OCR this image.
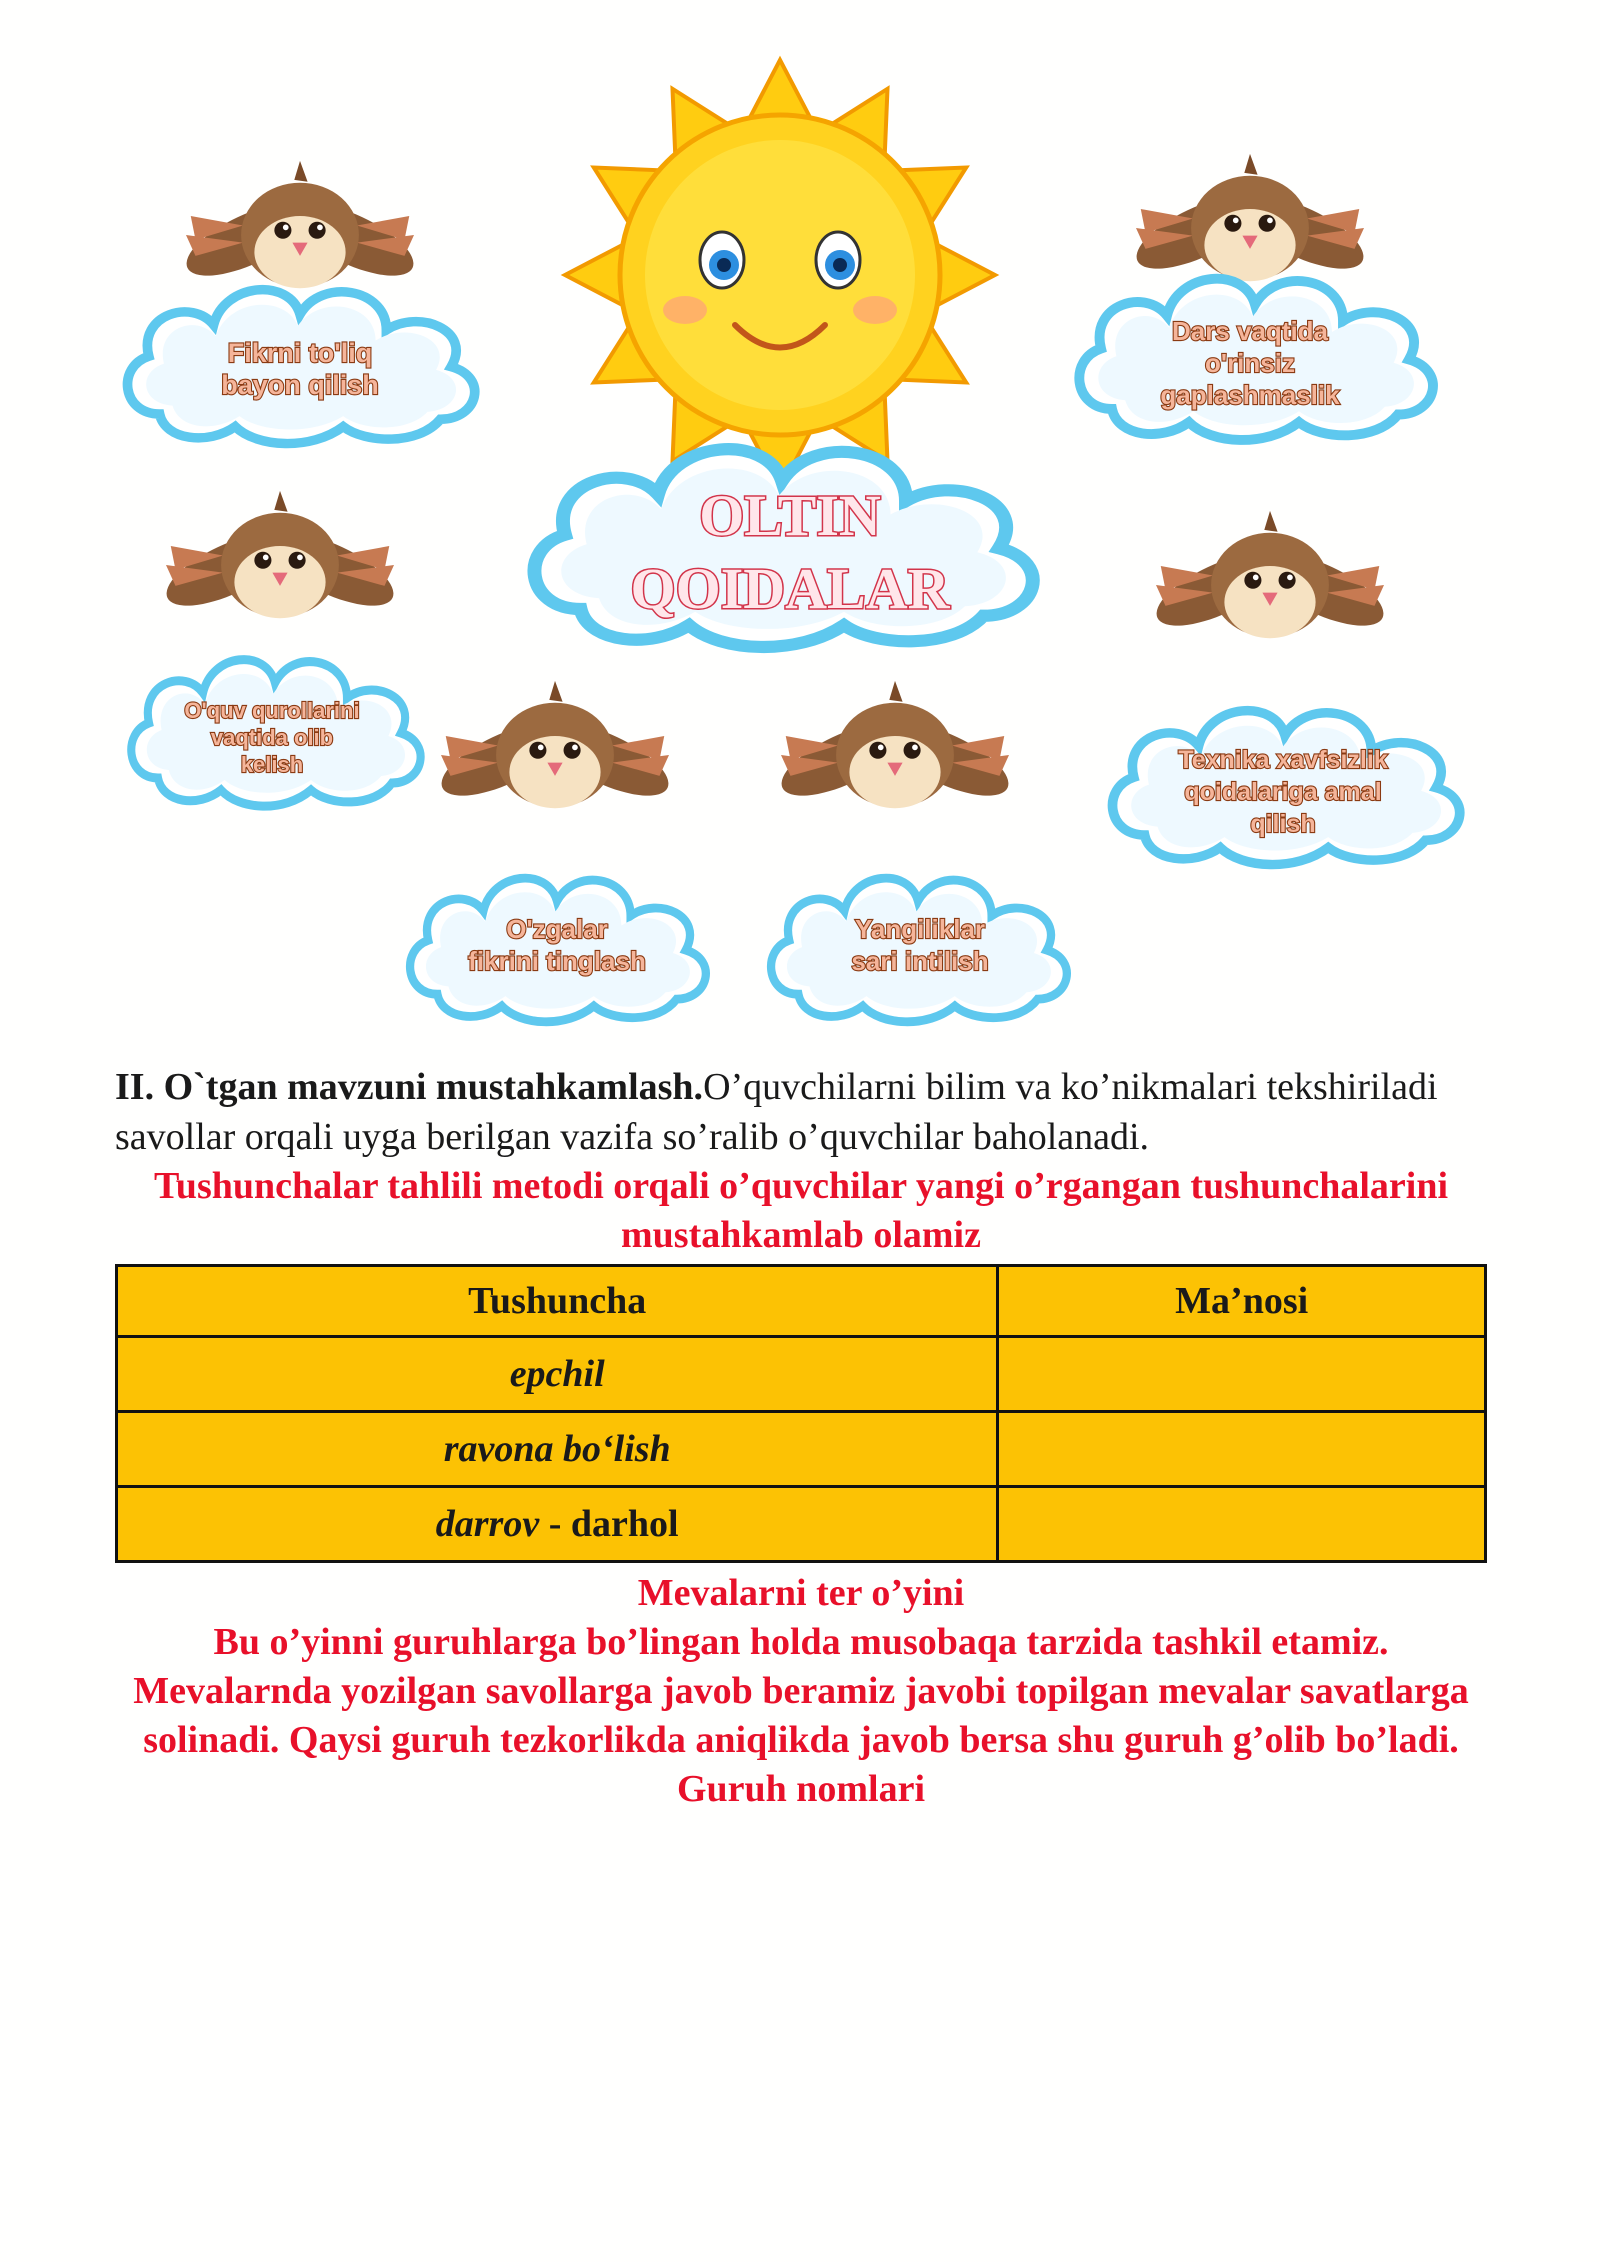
OLTIN
QOIDALAR
Fikrni to'liq
bayon qilish
Dars vaqtida
o'rinsiz
gaplashmaslik
O'quv qurollarini
vaqtida olib
kelish	Texnika xavfsizlik
qoidalariga amal
qilish
O'zgalar
fikrini tinglash
Yangiliklar
sari intilish

II. O`tgan mavzuni mustahkamlash.O’quvchilarni bilim va ko’nikmalari tekshiriladi savollar orqali uyga berilgan vazifa so’ralib o’quvchilar baholanadi.

Tushunchalar tahlili metodi orqali o’quvchilar yangi o’rgangan tushunchalarini mustahkamlab olamiz

Tushuncha	Ma’nosi
epchil	
ravona bo‘lish	
darrov - darhol	

Mevalarni ter o’yini

Bu o’yinni guruhlarga bo’lingan holda musobaqa tarzida tashkil etamiz. Mevalarnda yozilgan savollarga javob beramiz javobi topilgan mevalar savatlarga solinadi. Qaysi guruh tezkorlikda aniqlikda javob bersa shu guruh g’olib bo’ladi.

Guruh nomlari
